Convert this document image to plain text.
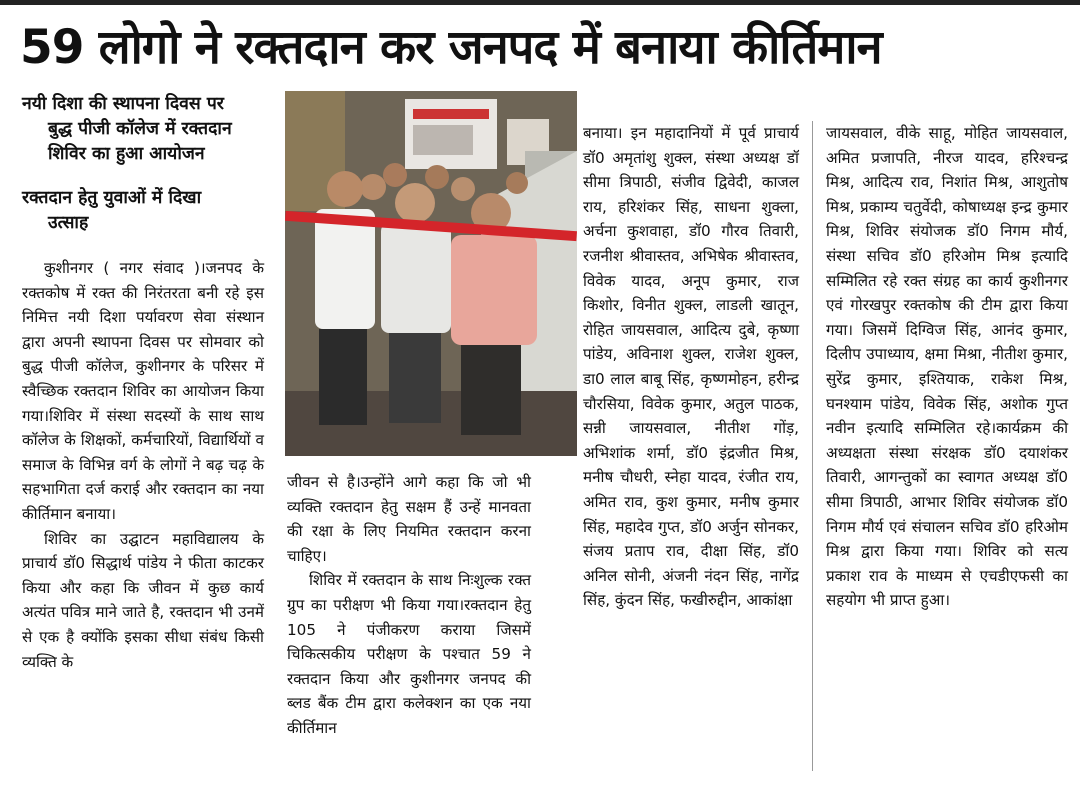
59 लोगो ने रक्तदान कर जनपद में बनाया कीर्तिमान
नयी दिशा की स्थापना दिवस पर
बुद्ध पीजी कॉलेज में रक्तदान
शिविर का हुआ आयोजन
रक्तदान हेतु युवाओं में दिखा
उत्साह

कुशीनगर ( नगर संवाद )।जनपद के रक्तकोष में रक्त की निरंतरता बनी रहे इस निमित्त नयी दिशा पर्यावरण सेवा संस्थान द्वारा अपनी स्थापना दिवस पर सोमवार को बुद्ध पीजी कॉलेज, कुशीनगर के परिसर में स्वैच्छिक रक्तदान शिविर का आयोजन किया गया।शिविर में संस्था सदस्यों के साथ साथ कॉलेज के शिक्षकों, कर्मचारियों, विद्यार्थियों व समाज के विभिन्न वर्ग के लोगों ने बढ़ चढ़ के सहभागिता दर्ज कराई और रक्तदान का नया कीर्तिमान बनाया।

शिविर का उद्घाटन महाविद्यालय के प्राचार्य डॉ0 सिद्धार्थ पांडेय ने फीता काटकर किया और कहा कि जीवन में कुछ कार्य अत्यंत पवित्र माने जाते है, रक्तदान भी उनमें से एक है क्योंकि इसका सीधा संबंध किसी व्यक्ति के

जीवन से है।उन्होंने आगे कहा कि जो भी व्यक्ति रक्तदान हेतु सक्षम हैं उन्हें मानवता की रक्षा के लिए नियमित रक्तदान करना चाहिए।

शिविर में रक्तदान के साथ निःशुल्क रक्त ग्रुप का परीक्षण भी किया गया।रक्तदान हेतु 105 ने पंजीकरण कराया जिसमें चिकित्सकीय परीक्षण के पश्चात 59 ने रक्तदान किया और कुशीनगर जनपद की ब्लड बैंक टीम द्वारा कलेक्शन का एक नया कीर्तिमान

बनाया। इन महादानियों में पूर्व प्राचार्य डॉ0 अमृतांशु शुक्ल, संस्था अध्यक्ष डॉ सीमा त्रिपाठी, संजीव द्विवेदी, काजल राय, हरिशंकर सिंह, साधना शुक्ला, अर्चना कुशवाहा, डॉ0 गौरव तिवारी, रजनीश श्रीवास्तव, अभिषेक श्रीवास्तव, विवेक यादव, अनूप कुमार, राज किशोर, विनीत शुक्ल, लाडली खातून, रोहित जायसवाल, आदित्य दुबे, कृष्णा पांडेय, अविनाश शुक्ल, राजेश शुक्ल, डा0 लाल बाबू सिंह, कृष्णमोहन, हरीन्द्र चौरसिया, विवेक कुमार, अतुल पाठक, सन्नी जायसवाल, नीतीश गोंड़, अभिशांक शर्मा, डॉ0 इंद्रजीत मिश्र, मनीष चौधरी, स्नेहा यादव, रंजीत राय, अमित राव, कुश कुमार, मनीष कुमार सिंह, महादेव गुप्त, डॉ0 अर्जुन सोनकर, संजय प्रताप राव, दीक्षा सिंह, डॉ0 अनिल सोनी, अंजनी नंदन सिंह, नागेंद्र सिंह, कुंदन सिंह, फखीरुद्दीन, आकांक्षा

जायसवाल, वीके साहू, मोहित जायसवाल, अमित प्रजापति, नीरज यादव, हरिश्चन्द्र मिश्र, आदित्य राव, निशांत मिश्र, आशुतोष मिश्र, प्रकाम्य चतुर्वेदी, कोषाध्यक्ष इन्द्र कुमार मिश्र, शिविर संयोजक डॉ0 निगम मौर्य, संस्था सचिव डॉ0 हरिओम मिश्र इत्यादि सम्मिलित रहे रक्त संग्रह का कार्य कुशीनगर एवं गोरखपुर रक्तकोष की टीम द्वारा किया गया। जिसमें दिग्विज सिंह, आनंद कुमार, दिलीप उपाध्याय, क्षमा मिश्रा, नीतीश कुमार, सुरेंद्र कुमार, इश्तियाक, राकेश मिश्र, घनश्याम पांडेय, विवेक सिंह, अशोक गुप्त नवीन इत्यादि सम्मिलित रहे।कार्यक्रम की अध्यक्षता संस्था संरक्षक डॉ0 दयाशंकर तिवारी, आगन्तुकों का स्वागत अध्यक्ष डॉ0 सीमा त्रिपाठी, आभार शिविर संयोजक डॉ0 निगम मौर्य एवं संचालन सचिव डॉ0 हरिओम मिश्र द्वारा किया गया। शिविर को सत्य प्रकाश राव के माध्यम से एचडीएफसी का सहयोग भी प्राप्त हुआ।
